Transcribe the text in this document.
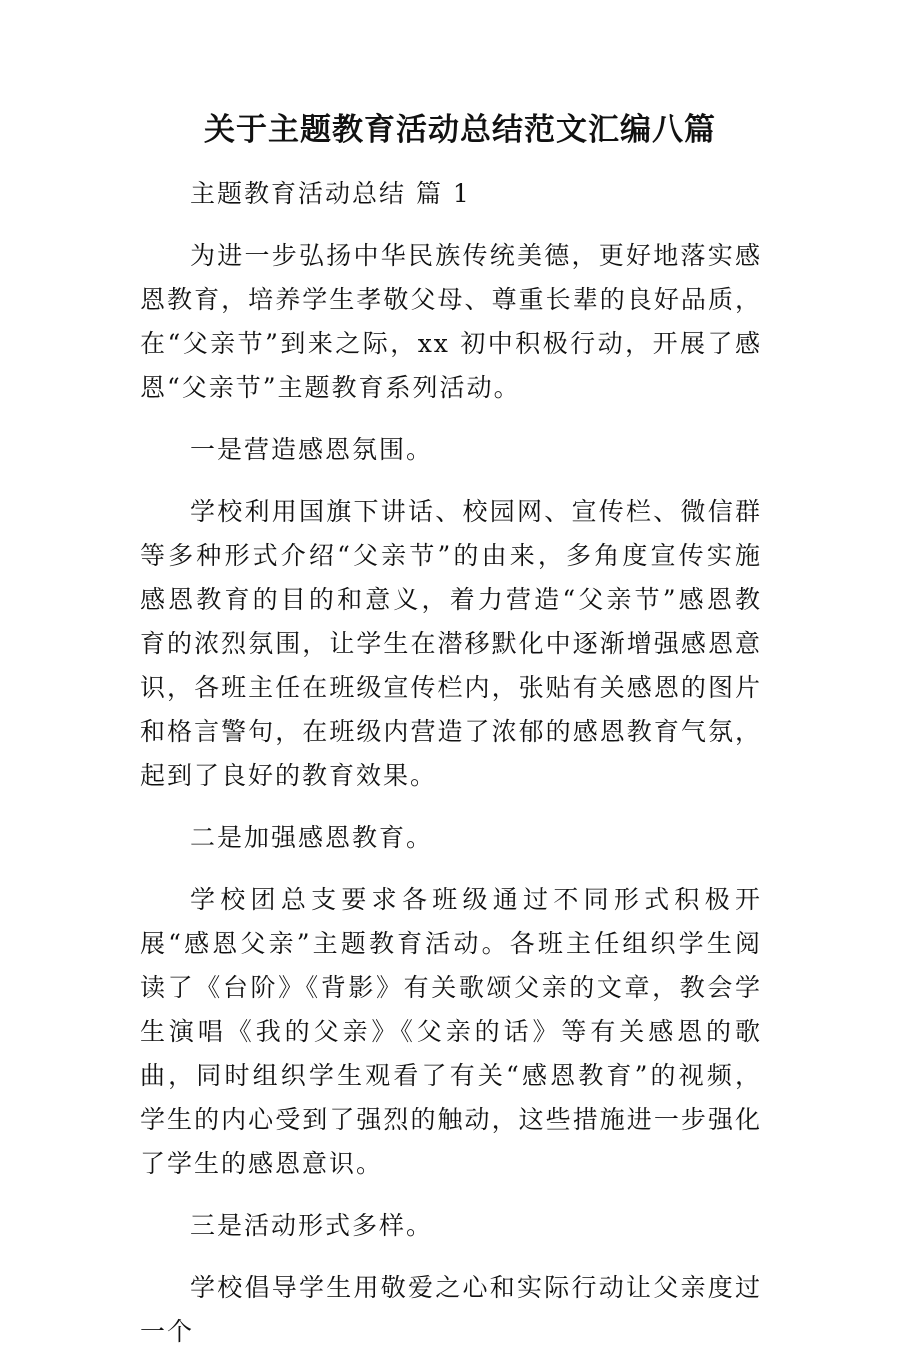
关于主题教育活动总结范文汇编八篇

主题教育活动总结 篇 1

为进一步弘扬中华民族传统美德，更好地落实感恩教育，培养学生孝敬父母、尊重长辈的良好品质，在“父亲节”到来之际，xx 初中积极行动，开展了感恩“父亲节”主题教育系列活动。

一是营造感恩氛围。

学校利用国旗下讲话、校园网、宣传栏、微信群等多种形式介绍“父亲节”的由来，多角度宣传实施感恩教育的目的和意义，着力营造“父亲节”感恩教育的浓烈氛围，让学生在潜移默化中逐渐增强感恩意识，各班主任在班级宣传栏内，张贴有关感恩的图片和格言警句，在班级内营造了浓郁的感恩教育气氛，起到了良好的教育效果。

二是加强感恩教育。

学校团总支要求各班级通过不同形式积极开展“感恩父亲”主题教育活动。各班主任组织学生阅读了《台阶》《背影》有关歌颂父亲的文章，教会学生演唱《我的父亲》《父亲的话》等有关感恩的歌曲，同时组织学生观看了有关“感恩教育”的视频，学生的内心受到了强烈的触动，这些措施进一步强化了学生的感恩意识。

三是活动形式多样。

学校倡导学生用敬爱之心和实际行动让父亲度过一个
